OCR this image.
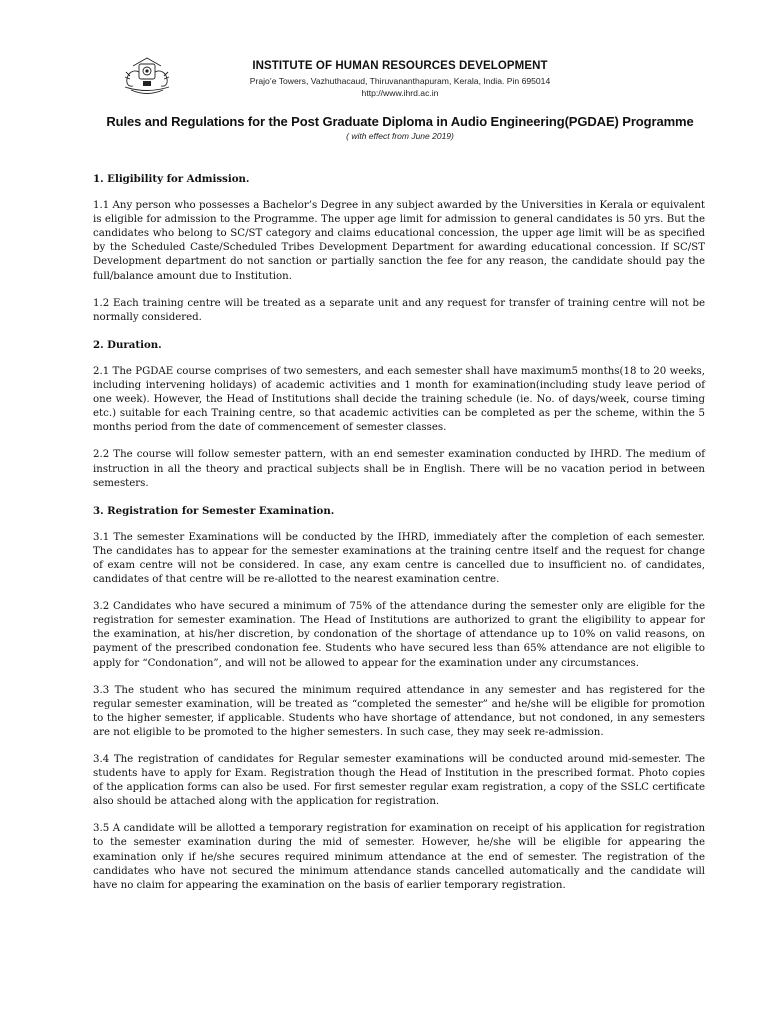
INSTITUTE OF HUMAN RESOURCES DEVELOPMENT
Prajo’e Towers, Vazhuthacaud, Thiruvananthapuram, Kerala, India. Pin 695014
http://www.ihrd.ac.in
Rules and Regulations for the Post Graduate Diploma in Audio Engineering(PGDAE) Programme
( with effect from June 2019)
1. Eligibility for Admission.

1.1 Any person who possesses a Bachelor’s Degree in any subject awarded by the Universities in Kerala or equivalent is eligible for admission to the Programme. The upper age limit for admission to general candidates is 50 yrs. But the candidates who belong to SC/ST category and claims educational concession, the upper age limit will be as specified by the Scheduled Caste/Scheduled Tribes Development Department for awarding educational concession. If SC/ST Development department do not sanction or partially sanction the fee for any reason, the candidate should pay the full/balance amount due to Institution.

1.2 Each training centre will be treated as a separate unit and any request for transfer of training centre will not be normally considered.

2. Duration.

2.1 The PGDAE course comprises of two semesters, and each semester shall have maximum5 months(18 to 20 weeks, including intervening holidays) of academic activities and 1 month for examination(including study leave period of one week). However, the Head of Institutions shall decide the training schedule (ie. No. of days/week, course timing etc.) suitable for each Training centre, so that academic activities can be completed as per the scheme, within the 5 months period from the date of commencement of semester classes.

2.2 The course will follow semester pattern, with an end semester examination conducted by IHRD. The medium of instruction in all the theory and practical subjects shall be in English. There will be no vacation period in between semesters.

3. Registration for Semester Examination.

3.1 The semester Examinations will be conducted by the IHRD, immediately after the completion of each semester. The candidates has to appear for the semester examinations at the training centre itself and the request for change of exam centre will not be considered. In case, any exam centre is cancelled due to insufficient no. of candidates, candidates of that centre will be re-allotted to the nearest examination centre.

3.2 Candidates who have secured a minimum of 75% of the attendance during the semester only are eligible for the registration for semester examination. The Head of Institutions are authorized to grant the eligibility to appear for the examination, at his/her discretion, by condonation of the shortage of attendance up to 10% on valid reasons, on payment of the prescribed condonation fee. Students who have secured less than 65% attendance are not eligible to apply for “Condonation”, and will not be allowed to appear for the examination under any circumstances.

3.3 The student who has secured the minimum required attendance in any semester and has registered for the regular semester examination, will be treated as “completed the semester” and he/she will be eligible for promotion to the higher semester, if applicable. Students who have shortage of attendance, but not condoned, in any semesters are not eligible to be promoted to the higher semesters. In such case, they may seek re-admission.

3.4 The registration of candidates for Regular semester examinations will be conducted around mid-semester. The students have to apply for Exam. Registration though the Head of Institution in the prescribed format. Photo copies of the application forms can also be used. For first semester regular exam registration, a copy of the SSLC certificate also should be attached along with the application for registration.

3.5 A candidate will be allotted a temporary registration for examination on receipt of his application for registration to the semester examination during the mid of semester. However, he/she will be eligible for appearing the examination only if he/she secures required minimum attendance at the end of semester. The registration of the candidates who have not secured the minimum attendance stands cancelled automatically and the candidate will have no claim for appearing the examination on the basis of earlier temporary registration.
